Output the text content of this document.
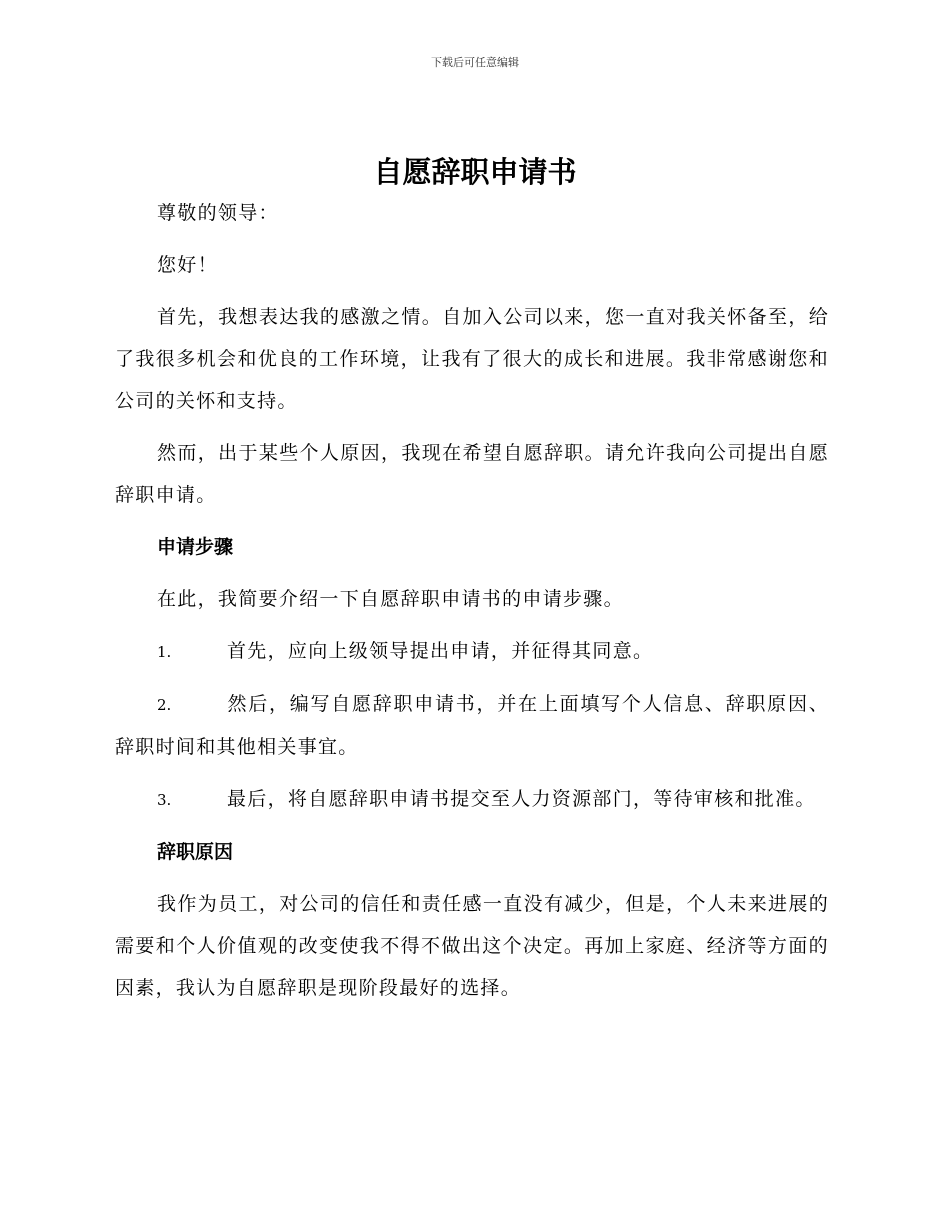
下载后可任意编辑
自愿辞职申请书

尊敬的领导：

您好！

首先，我想表达我的感激之情。自加入公司以来，您一直对我关怀备至，给了我很多机会和优良的工作环境，让我有了很大的成长和进展。我非常感谢您和公司的关怀和支持。

然而，出于某些个人原因，我现在希望自愿辞职。请允许我向公司提出自愿辞职申请。

申请步骤

在此，我简要介绍一下自愿辞职申请书的申请步骤。

1.	首先，应向上级领导提出申请，并征得其同意。

2.	然后，编写自愿辞职申请书，并在上面填写个人信息、辞职原因、辞职时间和其他相关事宜。

3.	最后，将自愿辞职申请书提交至人力资源部门，等待审核和批准。

辞职原因

我作为员工，对公司的信任和责任感一直没有减少，但是，个人未来进展的需要和个人价值观的改变使我不得不做出这个决定。再加上家庭、经济等方面的因素，我认为自愿辞职是现阶段最好的选择。
